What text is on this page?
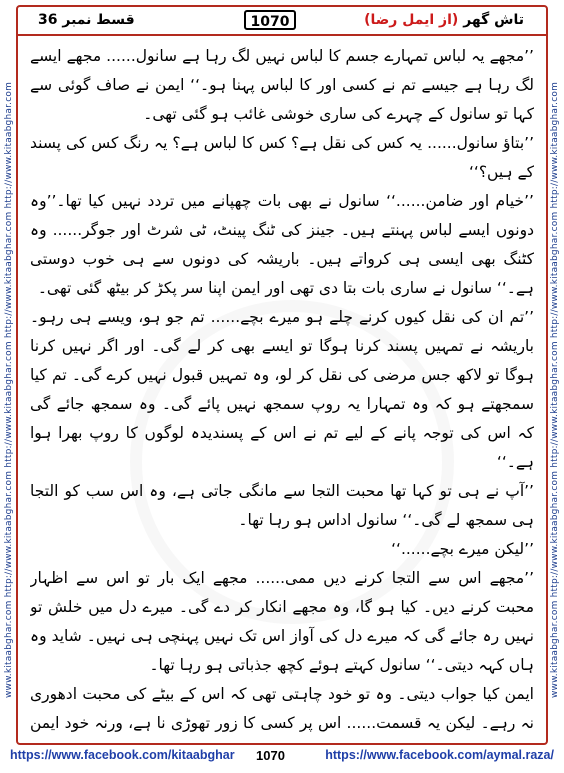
قسط نمبر 36	1070	تاش گھر (از ایمل رضا)
www.kitaabghar.com http://www.kitaabghar.com http://www.kitaabghar.com http://www.kitaabghar.com http://www.kitaabghar.com	www.kitaabghar.com http://www.kitaabghar.com http://www.kitaabghar.com http://www.kitaabghar.com http://www.kitaabghar.com

’’مجھے یہ لباس تمہارے جسم کا لباس نہیں لگ رہا ہے سانول...... مجھے ایسے لگ رہا ہے جیسے تم نے کسی اور کا لباس پہنا ہو۔‘‘ ایمن نے صاف گوئی سے کہا تو سانول کے چہرے کی ساری خوشی غائب ہو گئی تھی۔

’’بتاؤ سانول...... یہ کس کی نقل ہے؟ کس کا لباس ہے؟ یہ رنگ کس کی پسند کے ہیں؟‘‘

’’خیام اور ضامن......‘‘ سانول نے بھی بات چھپانے میں تردد نہیں کیا تھا۔’’وہ دونوں ایسے لباس پہنتے ہیں۔ جینز کی ٹنگ پینٹ، ٹی شرٹ اور جوگر...... وہ کٹنگ بھی ایسی ہی کرواتے ہیں۔ باریشہ کی دونوں سے ہی خوب دوستی ہے۔‘‘ سانول نے ساری بات بتا دی تھی اور ایمن اپنا سر پکڑ کر بیٹھ گئی تھی۔

’’تم ان کی نقل کیوں کرنے چلے ہو میرے بچے...... تم جو ہو، ویسے ہی رہو۔ باریشہ نے تمہیں پسند کرنا ہوگا تو ایسے بھی کر لے گی۔ اور اگر نہیں کرنا ہوگا تو لاکھ جس مرضی کی نقل کر لو، وہ تمہیں قبول نہیں کرے گی۔ تم کیا سمجھتے ہو کہ وہ تمہارا یہ روپ سمجھ نہیں پائے گی۔ وہ سمجھ جائے گی کہ اس کی توجہ پانے کے لیے تم نے اس کے پسندیدہ لوگوں کا روپ بھرا ہوا ہے۔‘‘

’’آپ نے ہی تو کہا تھا محبت التجا سے مانگی جاتی ہے، وہ اس سب کو التجا ہی سمجھ لے گی۔‘‘ سانول اداس ہو رہا تھا۔

’’لیکن میرے بچے......‘‘

’’مجھے اس سے التجا کرنے دیں ممی...... مجھے ایک بار تو اس سے اظہار محبت کرنے دیں۔ کیا ہو گا، وہ مجھے انکار کر دے گی۔ میرے دل میں خلش تو نہیں رہ جائے گی کہ میرے دل کی آواز اس تک نہیں پہنچی ہی نہیں۔ شاید وہ ہاں کہہ دیتی۔‘‘ سانول کہتے ہوئے کچھ جذباتی ہو رہا تھا۔

ایمن کیا جواب دیتی۔ وہ تو خود چاہتی تھی کہ اس کے بیٹے کی محبت ادھوری نہ رہے۔ لیکن یہ قسمت...... اس پر کسی کا زور تھوڑی نا ہے، ورنہ خود ایمن

https://www.facebook.com/kitaabghar 1070	https://www.facebook.com/aymal.raza/
